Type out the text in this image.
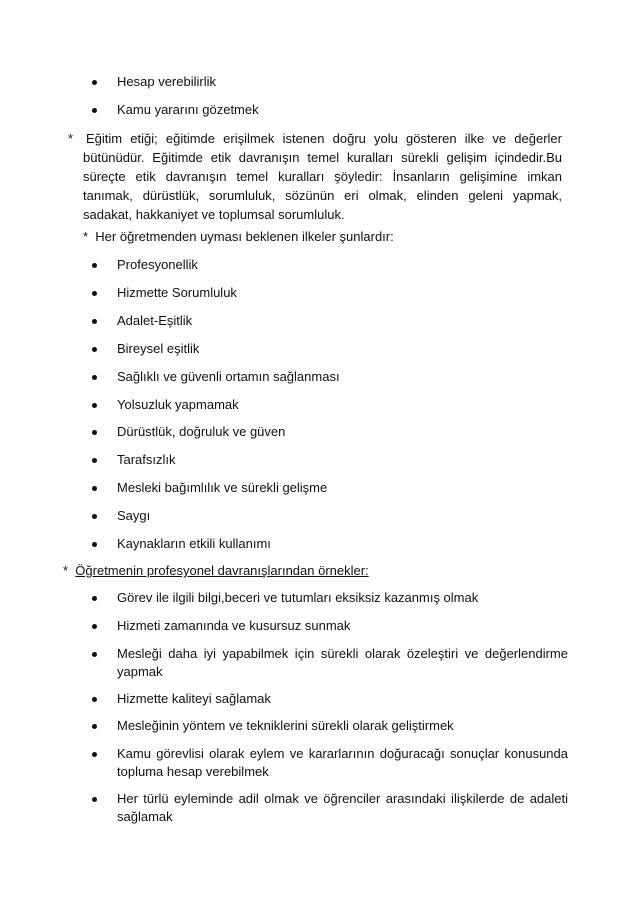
Hesap verebilirlik
Kamu yararını gözetmek
* Eğitim etiği; eğitimde erişilmek istenen doğru yolu gösteren ilke ve değerler bütünüdür. Eğitimde etik davranışın temel kuralları sürekli gelişim içindedir.Bu süreçte etik davranışın temel kuralları şöyledir: İnsanların gelişimine imkan tanımak, dürüstlük, sorumluluk, sözünün eri olmak, elinden geleni yapmak, sadakat, hakkaniyet ve toplumsal sorumluluk.
* Her öğretmenden uyması beklenen ilkeler şunlardır:
Profesyonellik
Hizmette Sorumluluk
Adalet-Eşitlik
Bireysel eşitlik
Sağlıklı ve güvenli ortamın sağlanması
Yolsuzluk yapmamak
Dürüstlük, doğruluk ve güven
Tarafsızlık
Mesleki bağımlılık ve sürekli gelişme
Saygı
Kaynakların etkili kullanımı
* Öğretmenin profesyonel davranışlarından örnekler:
Görev ile ilgili bilgi,beceri ve tutumları eksiksiz kazanmış olmak
Hizmeti zamanında ve kusursuz sunmak
Mesleği daha iyi yapabilmek için sürekli olarak özeleştiri ve değerlendirme yapmak
Hizmette kaliteyi sağlamak
Mesleğinin yöntem ve tekniklerini sürekli olarak geliştirmek
Kamu görevlisi olarak eylem ve kararlarının doğuracağı sonuçlar konusunda topluma hesap verebilmek
Her türlü eyleminde adil olmak ve öğrenciler arasındaki ilişkilerde de adaleti sağlamak
